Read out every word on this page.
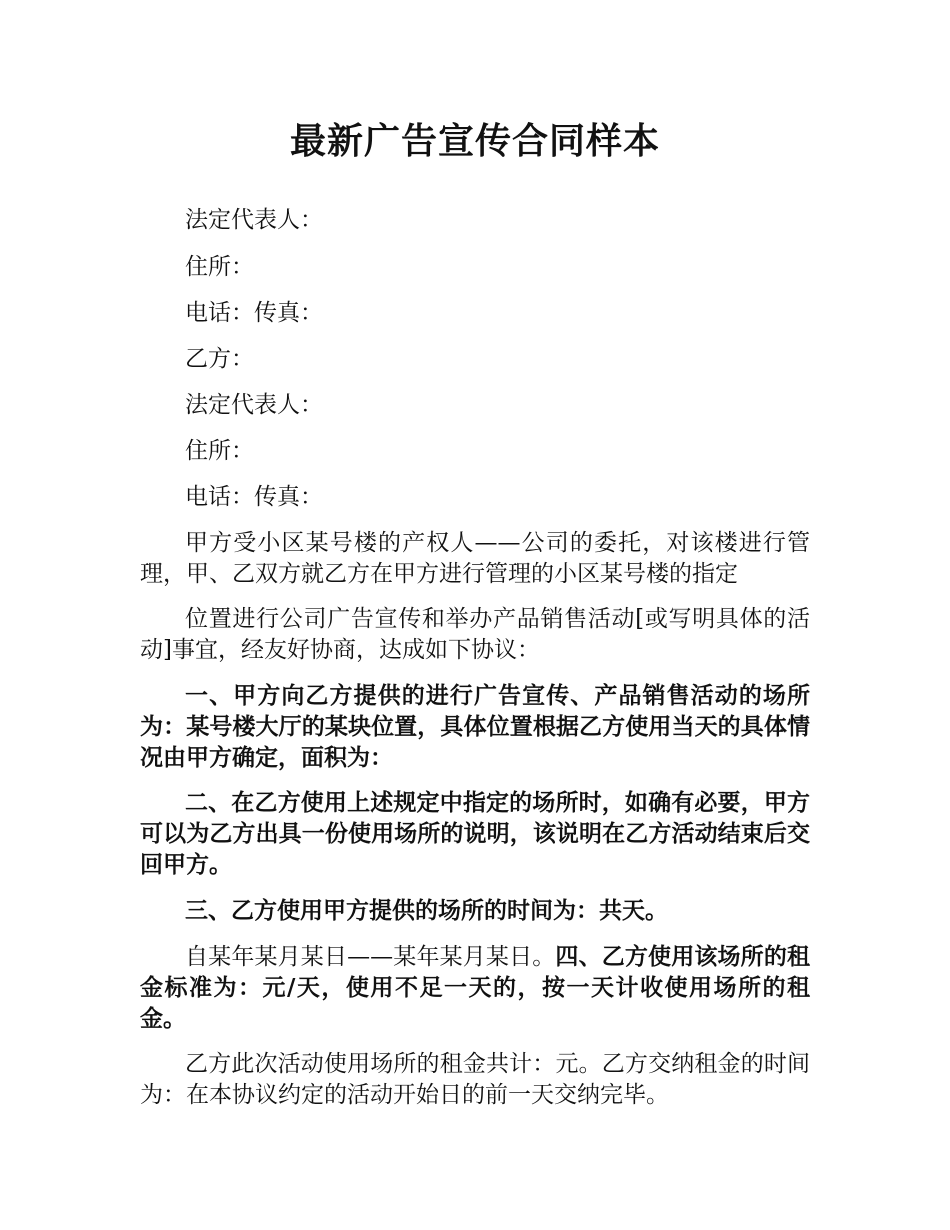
最新广告宣传合同样本

法定代表人：

住所：

电话：传真：

乙方：

法定代表人：

住所：

电话：传真：

甲方受小区某号楼的产权人——公司的委托，对该楼进行管理，甲、乙双方就乙方在甲方进行管理的小区某号楼的指定

位置进行公司广告宣传和举办产品销售活动[或写明具体的活动]事宜，经友好协商，达成如下协议：

一、甲方向乙方提供的进行广告宣传、产品销售活动的场所为：某号楼大厅的某块位置，具体位置根据乙方使用当天的具体情况由甲方确定，面积为：

二、在乙方使用上述规定中指定的场所时，如确有必要，甲方可以为乙方出具一份使用场所的说明，该说明在乙方活动结束后交回甲方。

三、乙方使用甲方提供的场所的时间为：共天。

自某年某月某日——某年某月某日。四、乙方使用该场所的租金标准为：元/天，使用不足一天的，按一天计收使用场所的租金。

乙方此次活动使用场所的租金共计：元。乙方交纳租金的时间为：在本协议约定的活动开始日的前一天交纳完毕。
